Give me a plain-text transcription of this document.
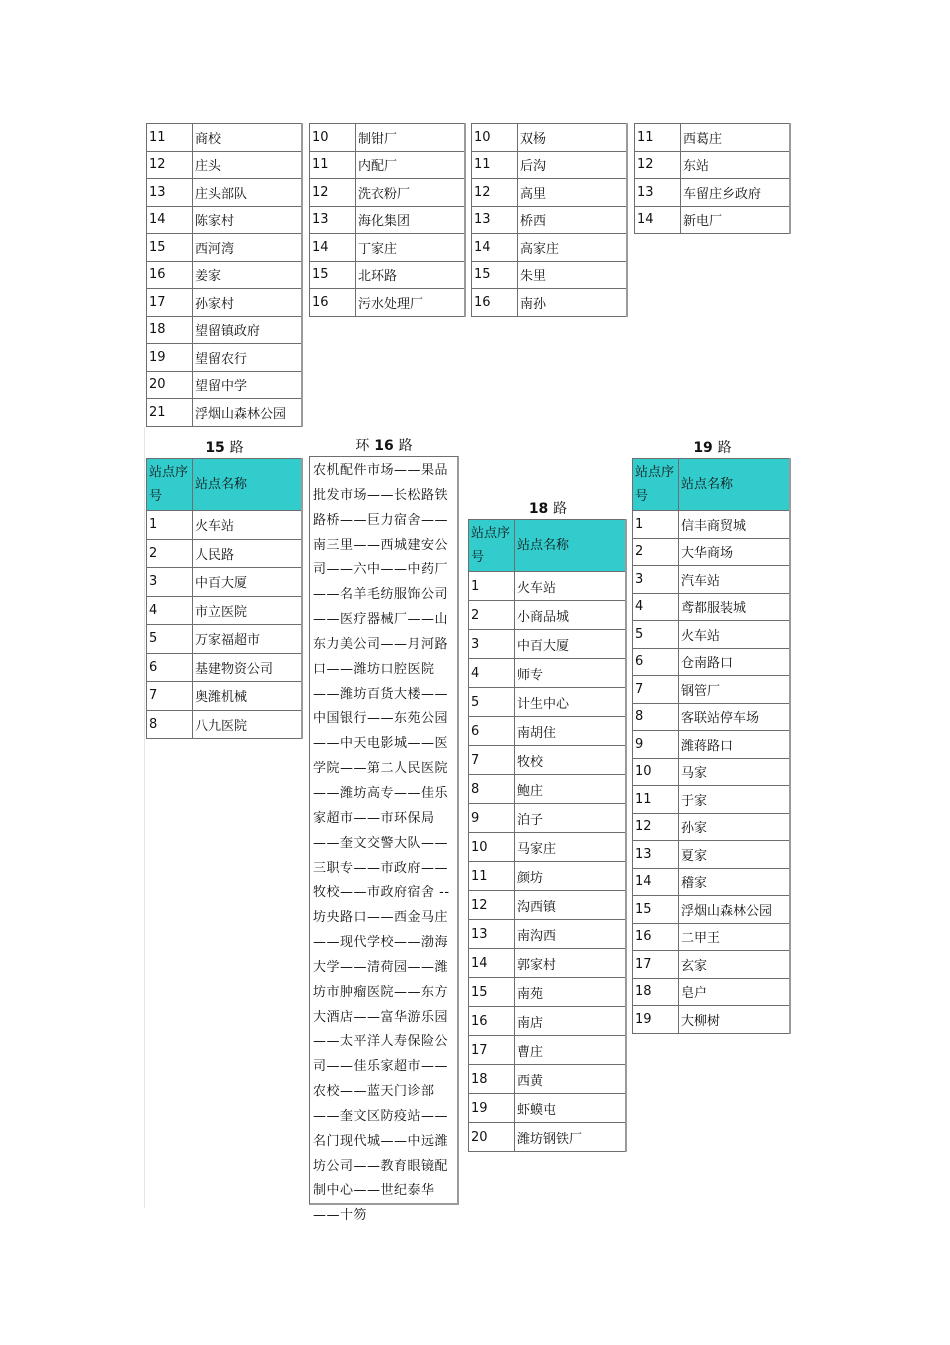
11	商校
12	庄头
13	庄头部队
14	陈家村
15	西河湾
16	姜家
17	孙家村
18	望留镇政府
19	望留农行
20	望留中学
21	浮烟山森林公园
10	制钳厂
11	内配厂
12	洗衣粉厂
13	海化集团
14	丁家庄
15	北环路
16	污水处理厂
10	双杨
11	后沟
12	高里
13	桥西
14	高家庄
15	朱里
16	南孙
11	西葛庄
12	东站
13	车留庄乡政府
14	新电厂
15 路
站点序号	站点名称
1	火车站
2	人民路
3	中百大厦
4	市立医院
5	万家福超市
6	基建物资公司
7	奥潍机械
8	八九医院
环 16 路
农机配件市场——果品批发市场——长松路铁路桥——巨力宿舍——南三里——西城建安公司——六中——中药厂——名羊毛纺服饰公司——医疗器械厂——山东力美公司——月河路口——潍坊口腔医院——潍坊百货大楼——中国银行——东苑公园——中天电影城——医学院——第二人民医院——潍坊高专——佳乐家超市——市环保局——奎文交警大队——三职专——市政府——牧校——市政府宿舍 -- 坊央路口——西金马庄——现代学校——渤海大学——清荷园——潍坊市肿瘤医院——东方大酒店——富华游乐园——太平洋人寿保险公司——佳乐家超市——农校——蓝天门诊部——奎文区防疫站——名门现代城——中远潍坊公司——教育眼镜配制中心——世纪泰华——十笏
18 路
站点序号	站点名称
1	火车站
2	小商品城
3	中百大厦
4	师专
5	计生中心
6	南胡住
7	牧校
8	鲍庄
9	泊子
10	马家庄
11	颜坊
12	沟西镇
13	南沟西
14	郭家村
15	南苑
16	南店
17	曹庄
18	西黄
19	虾蟆屯
20	潍坊钢铁厂
19 路
站点序号	站点名称
1	信丰商贸城
2	大华商场
3	汽车站
4	鸢都服装城
5	火车站
6	仓南路口
7	钢管厂
8	客联站停车场
9	潍蒋路口
10	马家
11	于家
12	孙家
13	夏家
14	稽家
15	浮烟山森林公园
16	二甲王
17	玄家
18	皂户
19	大柳树
